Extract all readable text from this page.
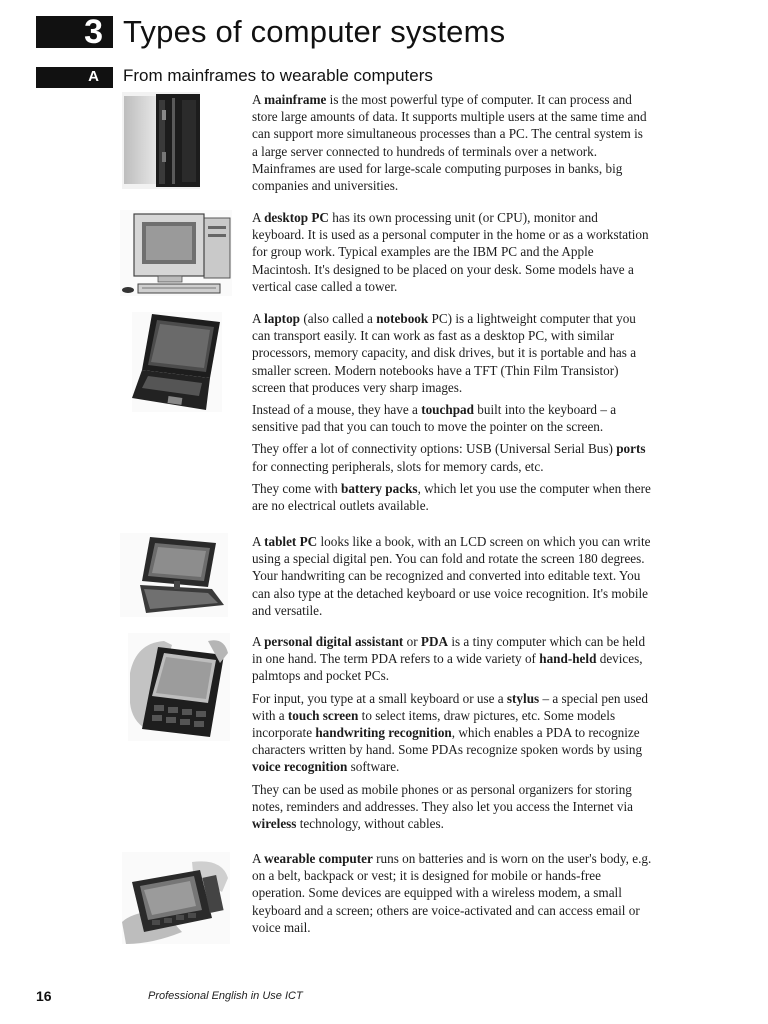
3 Types of computer systems
A From mainframes to wearable computers

A mainframe is the most powerful type of computer. It can process and store large amounts of data. It supports multiple users at the same time and can support more simultaneous processes than a PC. The central system is a large server connected to hundreds of terminals over a network. Mainframes are used for large-scale computing purposes in banks, big companies and universities.

A desktop PC has its own processing unit (or CPU), monitor and keyboard. It is used as a personal computer in the home or as a workstation for group work. Typical examples are the IBM PC and the Apple Macintosh. It's designed to be placed on your desk. Some models have a vertical case called a tower.

A laptop (also called a notebook PC) is a lightweight computer that you can transport easily. It can work as fast as a desktop PC, with similar processors, memory capacity, and disk drives, but it is portable and has a smaller screen. Modern notebooks have a TFT (Thin Film Transistor) screen that produces very sharp images.

Instead of a mouse, they have a touchpad built into the keyboard – a sensitive pad that you can touch to move the pointer on the screen.

They offer a lot of connectivity options: USB (Universal Serial Bus) ports for connecting peripherals, slots for memory cards, etc.

They come with battery packs, which let you use the computer when there are no electrical outlets available.

A tablet PC looks like a book, with an LCD screen on which you can write using a special digital pen. You can fold and rotate the screen 180 degrees. Your handwriting can be recognized and converted into editable text. You can also type at the detached keyboard or use voice recognition. It's mobile and versatile.

A personal digital assistant or PDA is a tiny computer which can be held in one hand. The term PDA refers to a wide variety of hand-held devices, palmtops and pocket PCs.

For input, you type at a small keyboard or use a stylus – a special pen used with a touch screen to select items, draw pictures, etc. Some models incorporate handwriting recognition, which enables a PDA to recognize characters written by hand. Some PDAs recognize spoken words by using voice recognition software.

They can be used as mobile phones or as personal organizers for storing notes, reminders and addresses. They also let you access the Internet via wireless technology, without cables.

A wearable computer runs on batteries and is worn on the user's body, e.g. on a belt, backpack or vest; it is designed for mobile or hands-free operation. Some devices are equipped with a wireless modem, a small keyboard and a screen; others are voice-activated and can access email or voice mail.

16	Professional English in Use ICT
